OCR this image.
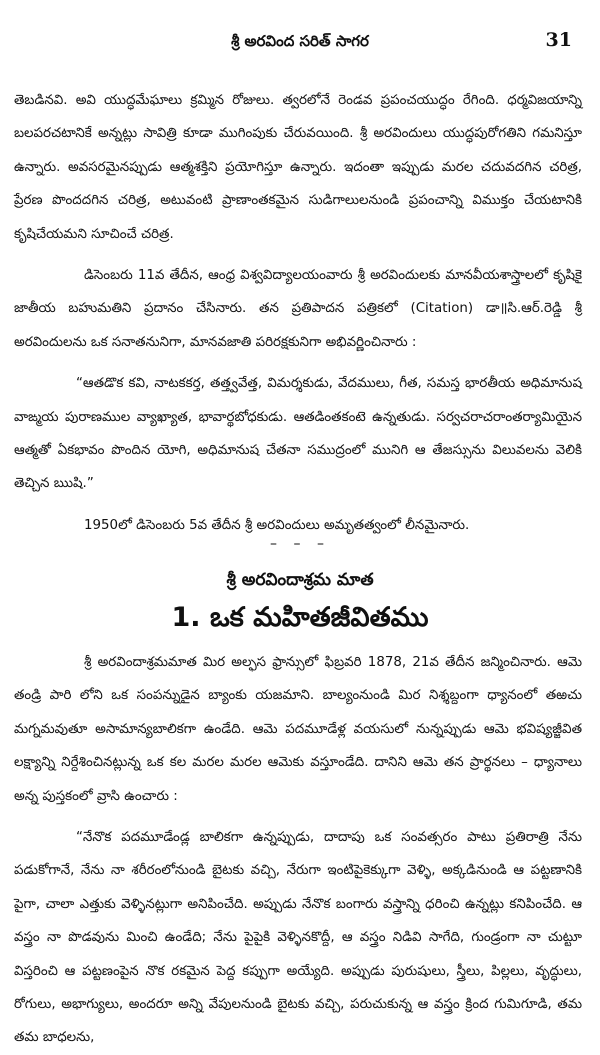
శ్రీ అరవింద సరిత్ సాగర	31

తెబడినవి. అవి యుద్ధమేఘాలు క్రమ్మిన రోజులు. త్వరలోనే రెండవ ప్రపంచయుద్ధం రేగింది. ధర్మవిజయాన్ని బలపరచటానికే అన్నట్లు సావిత్రి కూడా ముగింపుకు చేరువయింది. శ్రీ అరవిందులు యుద్ధపురోగతిని గమనిస్తూ ఉన్నారు. అవసరమైనప్పుడు ఆత్మశక్తిని ప్రయోగిస్తూ ఉన్నారు. ఇదంతా ఇప్పుడు మరల చదువదగిన చరిత్ర, ప్రేరణ పొందదగిన చరిత్ర, అటువంటి ప్రాణాంతకమైన సుడిగాలులనుండి ప్రపంచాన్ని విముక్తం చేయటానికి కృషిచేయమని సూచించే చరిత్ర.

డిసెంబరు 11వ తేదీన, ఆంధ్ర విశ్వవిద్యాలయంవారు శ్రీ అరవిందులకు మానవీయశాస్త్రాలలో కృషికై జాతీయ బహుమతిని ప్రదానం చేసినారు. తన ప్రతిపాదన పత్రికలో (Citation) డా॥సి.ఆర్.రెడ్డి శ్రీ అరవిందులను ఒక సనాతనునిగా, మానవజాతి పరిరక్షకునిగా అభివర్ణించినారు :

“ఆతడొక కవి, నాటకకర్త, తత్త్వవేత్త, విమర్శకుడు, వేదములు, గీత, సమస్త భారతీయ అధిమానుష వాఙ్మయ పురాణముల వ్యాఖ్యాత, భావార్థబోధకుడు. ఆతడింతకంటె ఉన్నతుడు. సర్వచరాచరాంతర్యామియైన ఆత్మతో ఏకభావం పొందిన యోగి, అధిమానుష చేతనా సముద్రంలో మునిగి ఆ తేజస్సును విలువలను వెలికి తెచ్చిన ఋషి.”

1950లో డిసెంబరు 5వ తేదీన శ్రీ అరవిందులు అమృతత్వంలో లీనమైనారు.

– – –
శ్రీ అరవిందాశ్రమ మాత
1. ఒక మహితజీవితము

శ్రీ అరవిందాశ్రమమాత మిర అల్ఫస ఫ్రాన్సులో ఫిబ్రవరి 1878, 21వ తేదీన జన్మించినారు. ఆమె తండ్రి పారి లోని ఒక సంపన్నుడైన బ్యాంకు యజమాని. బాల్యంనుండి మిర నిశ్శబ్దంగా ధ్యానంలో తఱచు మగ్నమవుతూ అసామాన్యబాలికగా ఉండేది. ఆమె పదమూడేళ్ల వయసులో నున్నప్పుడు ఆమె భవిష్యజ్జీవిత లక్ష్యాన్ని నిర్దేశించినట్లున్న ఒక కల మరల మరల ఆమెకు వస్తూండేది. దానిని ఆమె తన ప్రార్థనలు – ధ్యానాలు అన్న పుస్తకంలో వ్రాసి ఉంచారు :

“నేనొక పదమూడేండ్ల బాలికగా ఉన్నప్పుడు, దాదాపు ఒక సంవత్సరం పాటు ప్రతిరాత్రి నేను పడుకోగానే, నేను నా శరీరంలోనుండి బైటకు వచ్చి, నేరుగా ఇంటిపైకెక్కుగా వెళ్ళి, అక్కడినుండి ఆ పట్టణానికి పైగా, చాలా ఎత్తుకు వెళ్ళినట్లుగా అనిపించేది. అప్పుడు నేనొక బంగారు వస్త్రాన్ని ధరించి ఉన్నట్లు కనిపించేది. ఆ వస్త్రం నా పొడవును మించి ఉండేది; నేను పైపైకి వెళ్ళినకొద్దీ, ఆ వస్త్రం నిడివి సాగేది, గుండ్రంగా నా చుట్టూ విస్తరించి ఆ పట్టణంపైన నొక రకమైన పెద్ద కప్పుగా అయ్యేది. అప్పుడు పురుషులు, స్త్రీలు, పిల్లలు, వృద్ధులు, రోగులు, అభాగ్యులు, అందరూ అన్ని వేపులనుండి బైటకు వచ్చి, పరుచుకున్న ఆ వస్త్రం క్రింద గుమిగూడి, తమ తమ బాధలను,
